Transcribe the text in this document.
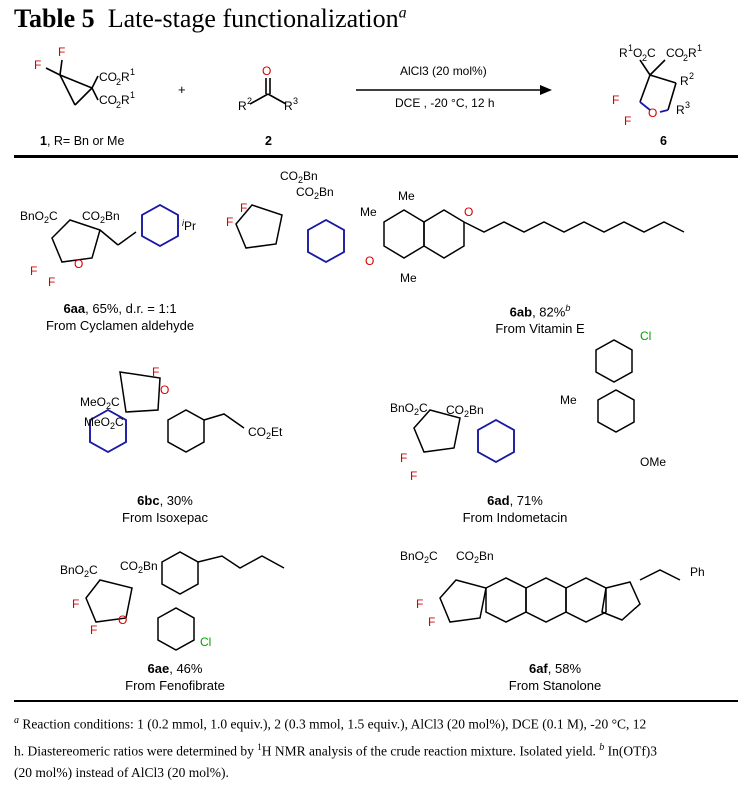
Table 5 Late-stage functionalization$^a$
F
F
CO 2 R 1
CO 2 R 1
O
R 2	R 3
R 1 O 2 C CO 2 R 1
R 2
R 3
F
F
O
+
AlCl3 (20 mol%)
DCE , -20 °C, 12 h
1, R= Bn or Me	2	6
BnO$_2$C $CO_2Bn$	$^i$Pr
F
F
O
$CO_2Bn$
$CO_2Bn$
F
F
O
O
Me
Me
Me
MeO$_2$C
MeO$_2$C
$CO_2Et$
F
O
BnO$_2$C $CO_2Bn$
Cl
OMe
Me
F
F
BnO$_2$C $CO_2Bn$
Cl
F
F
O
BnO$_2$C $CO_2Bn$
Ph
F
F
6aa, 65%, d.r. = 1:1
From Cyclamen aldehyde
6ab, 82%$^b$
From Vitamin E
6bc, 30%
From Isoxepac
6ad, 71%
From Indometacin
6ae, 46%
From Fenofibrate
6af, 58%
From Stanolone
$^a$ Reaction conditions: 1 (0.2 mmol, 1.0 equiv.), 2 (0.3 mmol, 1.5 equiv.), AlCl3 (20 mol%), DCE (0.1 M), -20 °C, 12
h. Diastereomeric ratios were determined by $^1$H NMR analysis of the crude reaction mixture. Isolated yield. $^b$ In(OTf)3
(20 mol%) instead of AlCl3 (20 mol%).
